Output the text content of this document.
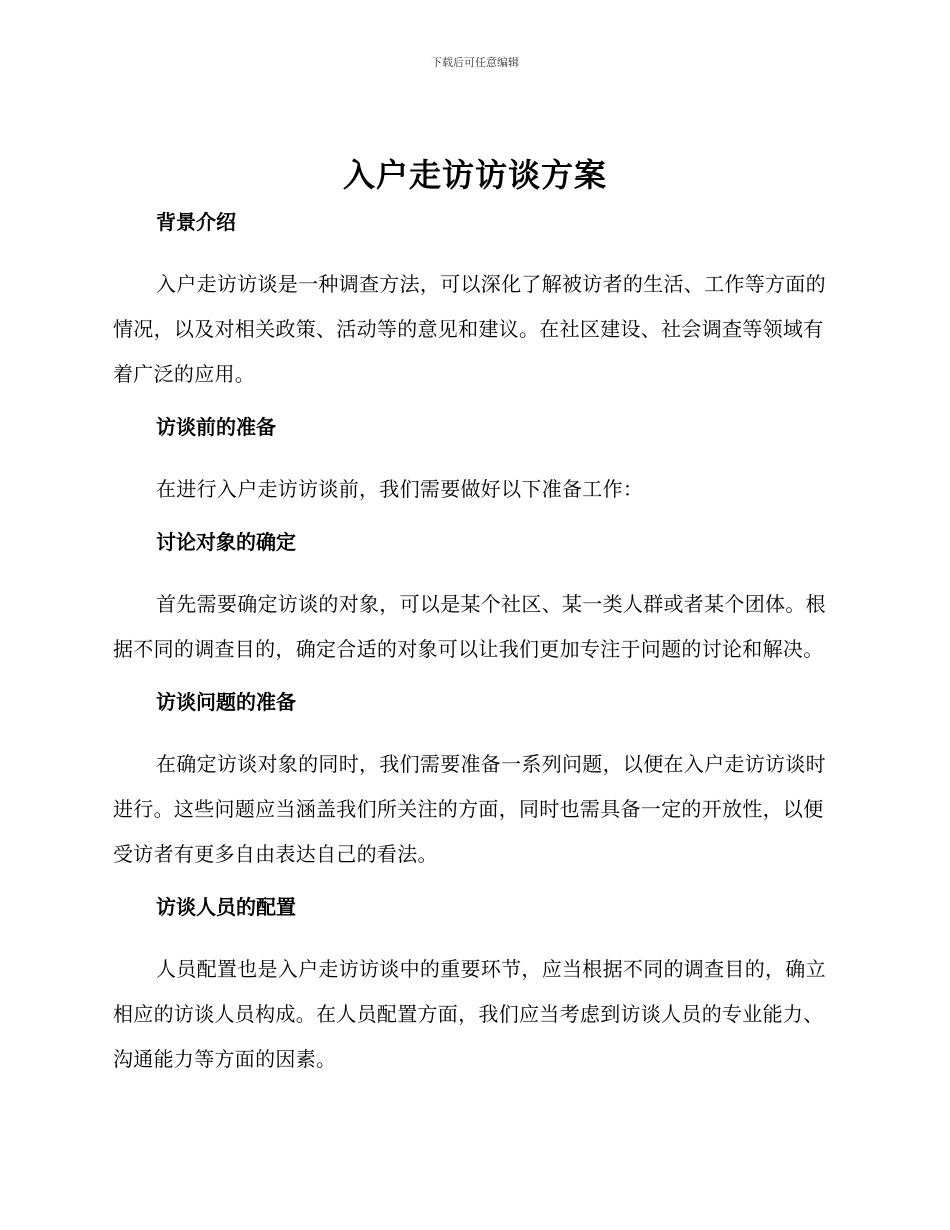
下载后可任意编辑
入户走访访谈方案
背景介绍

入户走访访谈是一种调查方法，可以深化了解被访者的生活、工作等方面的情况，以及对相关政策、活动等的意见和建议。在社区建设、社会调查等领域有着广泛的应用。

访谈前的准备

在进行入户走访访谈前，我们需要做好以下准备工作：

讨论对象的确定

首先需要确定访谈的对象，可以是某个社区、某一类人群或者某个团体。根据不同的调查目的，确定合适的对象可以让我们更加专注于问题的讨论和解决。

访谈问题的准备

在确定访谈对象的同时，我们需要准备一系列问题，以便在入户走访访谈时进行。这些问题应当涵盖我们所关注的方面，同时也需具备一定的开放性，以便受访者有更多自由表达自己的看法。

访谈人员的配置

人员配置也是入户走访访谈中的重要环节，应当根据不同的调查目的，确立相应的访谈人员构成。在人员配置方面，我们应当考虑到访谈人员的专业能力、沟通能力等方面的因素。
